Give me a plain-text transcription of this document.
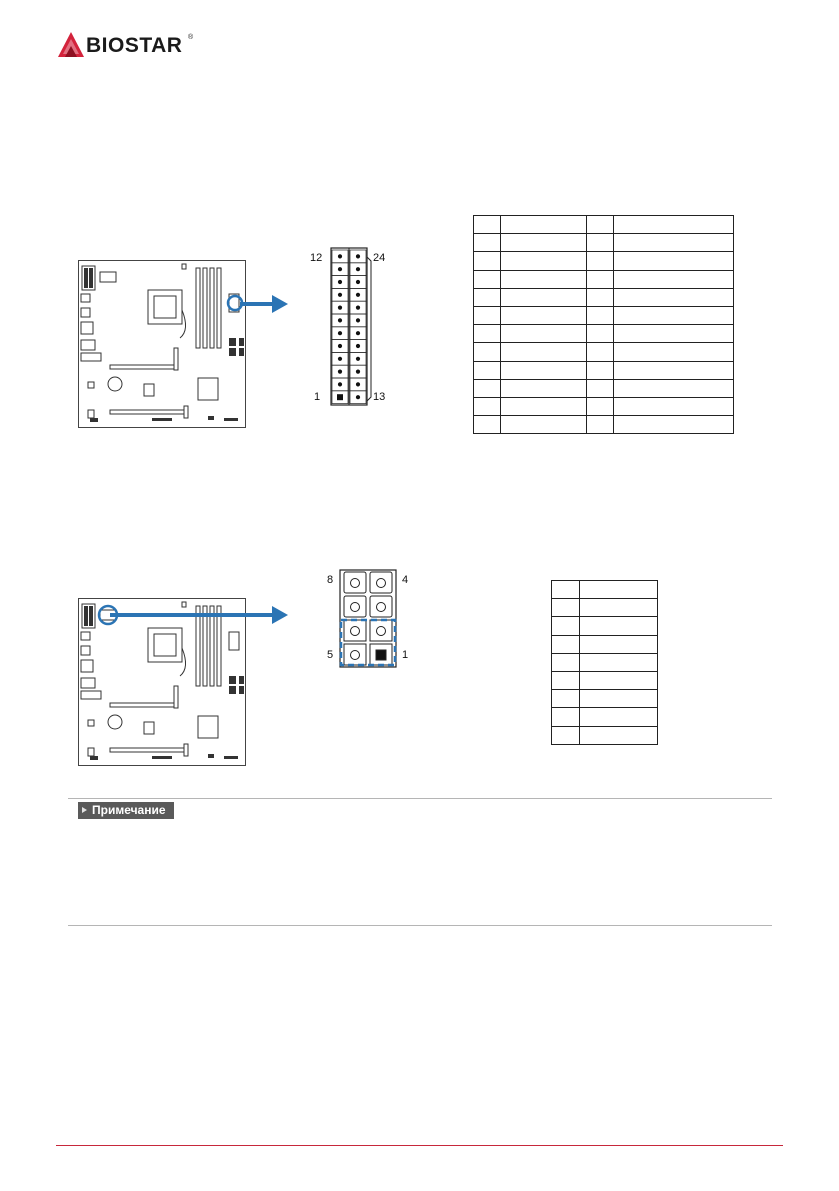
BIOSTAR ®
12	24
1	13

8	4
5	1

Примечание
